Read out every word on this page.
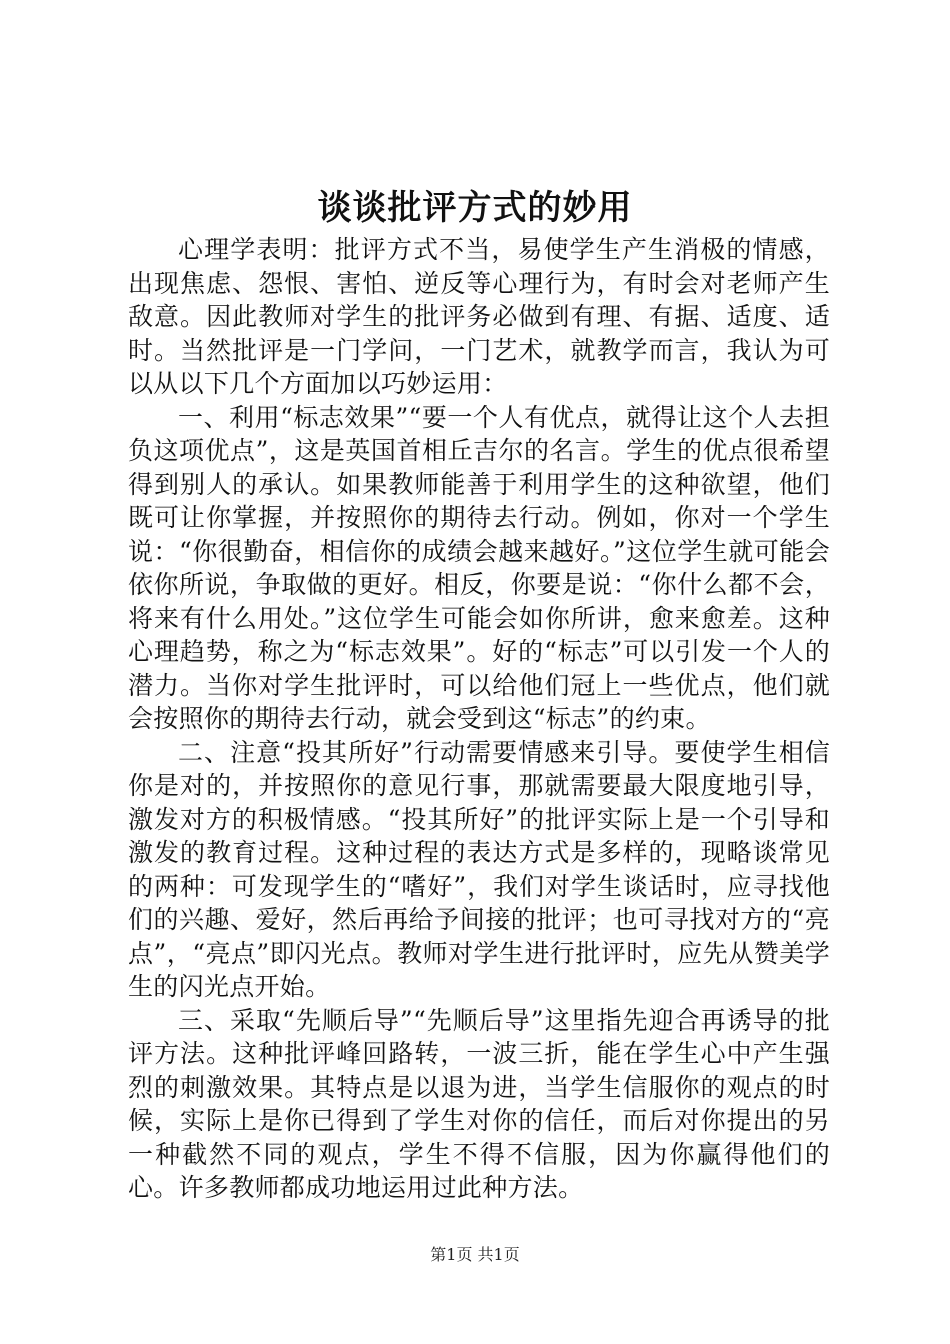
谈谈批评方式的妙用

心理学表明：批评方式不当，易使学生产生消极的情感，出现焦虑、怨恨、害怕、逆反等心理行为，有时会对老师产生敌意。因此教师对学生的批评务必做到有理、有据、适度、适时。当然批评是一门学问，一门艺术，就教学而言，我认为可以从以下几个方面加以巧妙运用：

一、利用“标志效果”“要一个人有优点，就得让这个人去担负这项优点”，这是英国首相丘吉尔的名言。学生的优点很希望得到别人的承认。如果教师能善于利用学生的这种欲望，他们既可让你掌握，并按照你的期待去行动。例如，你对一个学生说：“你很勤奋，相信你的成绩会越来越好。”这位学生就可能会依你所说，争取做的更好。相反，你要是说：“你什么都不会，将来有什么用处。”这位学生可能会如你所讲，愈来愈差。这种心理趋势，称之为“标志效果”。好的“标志”可以引发一个人的潜力。当你对学生批评时，可以给他们冠上一些优点，他们就会按照你的期待去行动，就会受到这“标志”的约束。

二、注意“投其所好”行动需要情感来引导。要使学生相信你是对的，并按照你的意见行事，那就需要最大限度地引导，激发对方的积极情感。“投其所好”的批评实际上是一个引导和激发的教育过程。这种过程的表达方式是多样的，现略谈常见的两种：可发现学生的“嗜好”，我们对学生谈话时，应寻找他们的兴趣、爱好，然后再给予间接的批评；也可寻找对方的“亮点”，“亮点”即闪光点。教师对学生进行批评时，应先从赞美学生的闪光点开始。

三、采取“先顺后导”“先顺后导”这里指先迎合再诱导的批评方法。这种批评峰回路转，一波三折，能在学生心中产生强烈的刺激效果。其特点是以退为进，当学生信服你的观点的时候，实际上是你已得到了学生对你的信任，而后对你提出的另一种截然不同的观点，学生不得不信服，因为你赢得他们的心。许多教师都成功地运用过此种方法。

第1页 共1页
